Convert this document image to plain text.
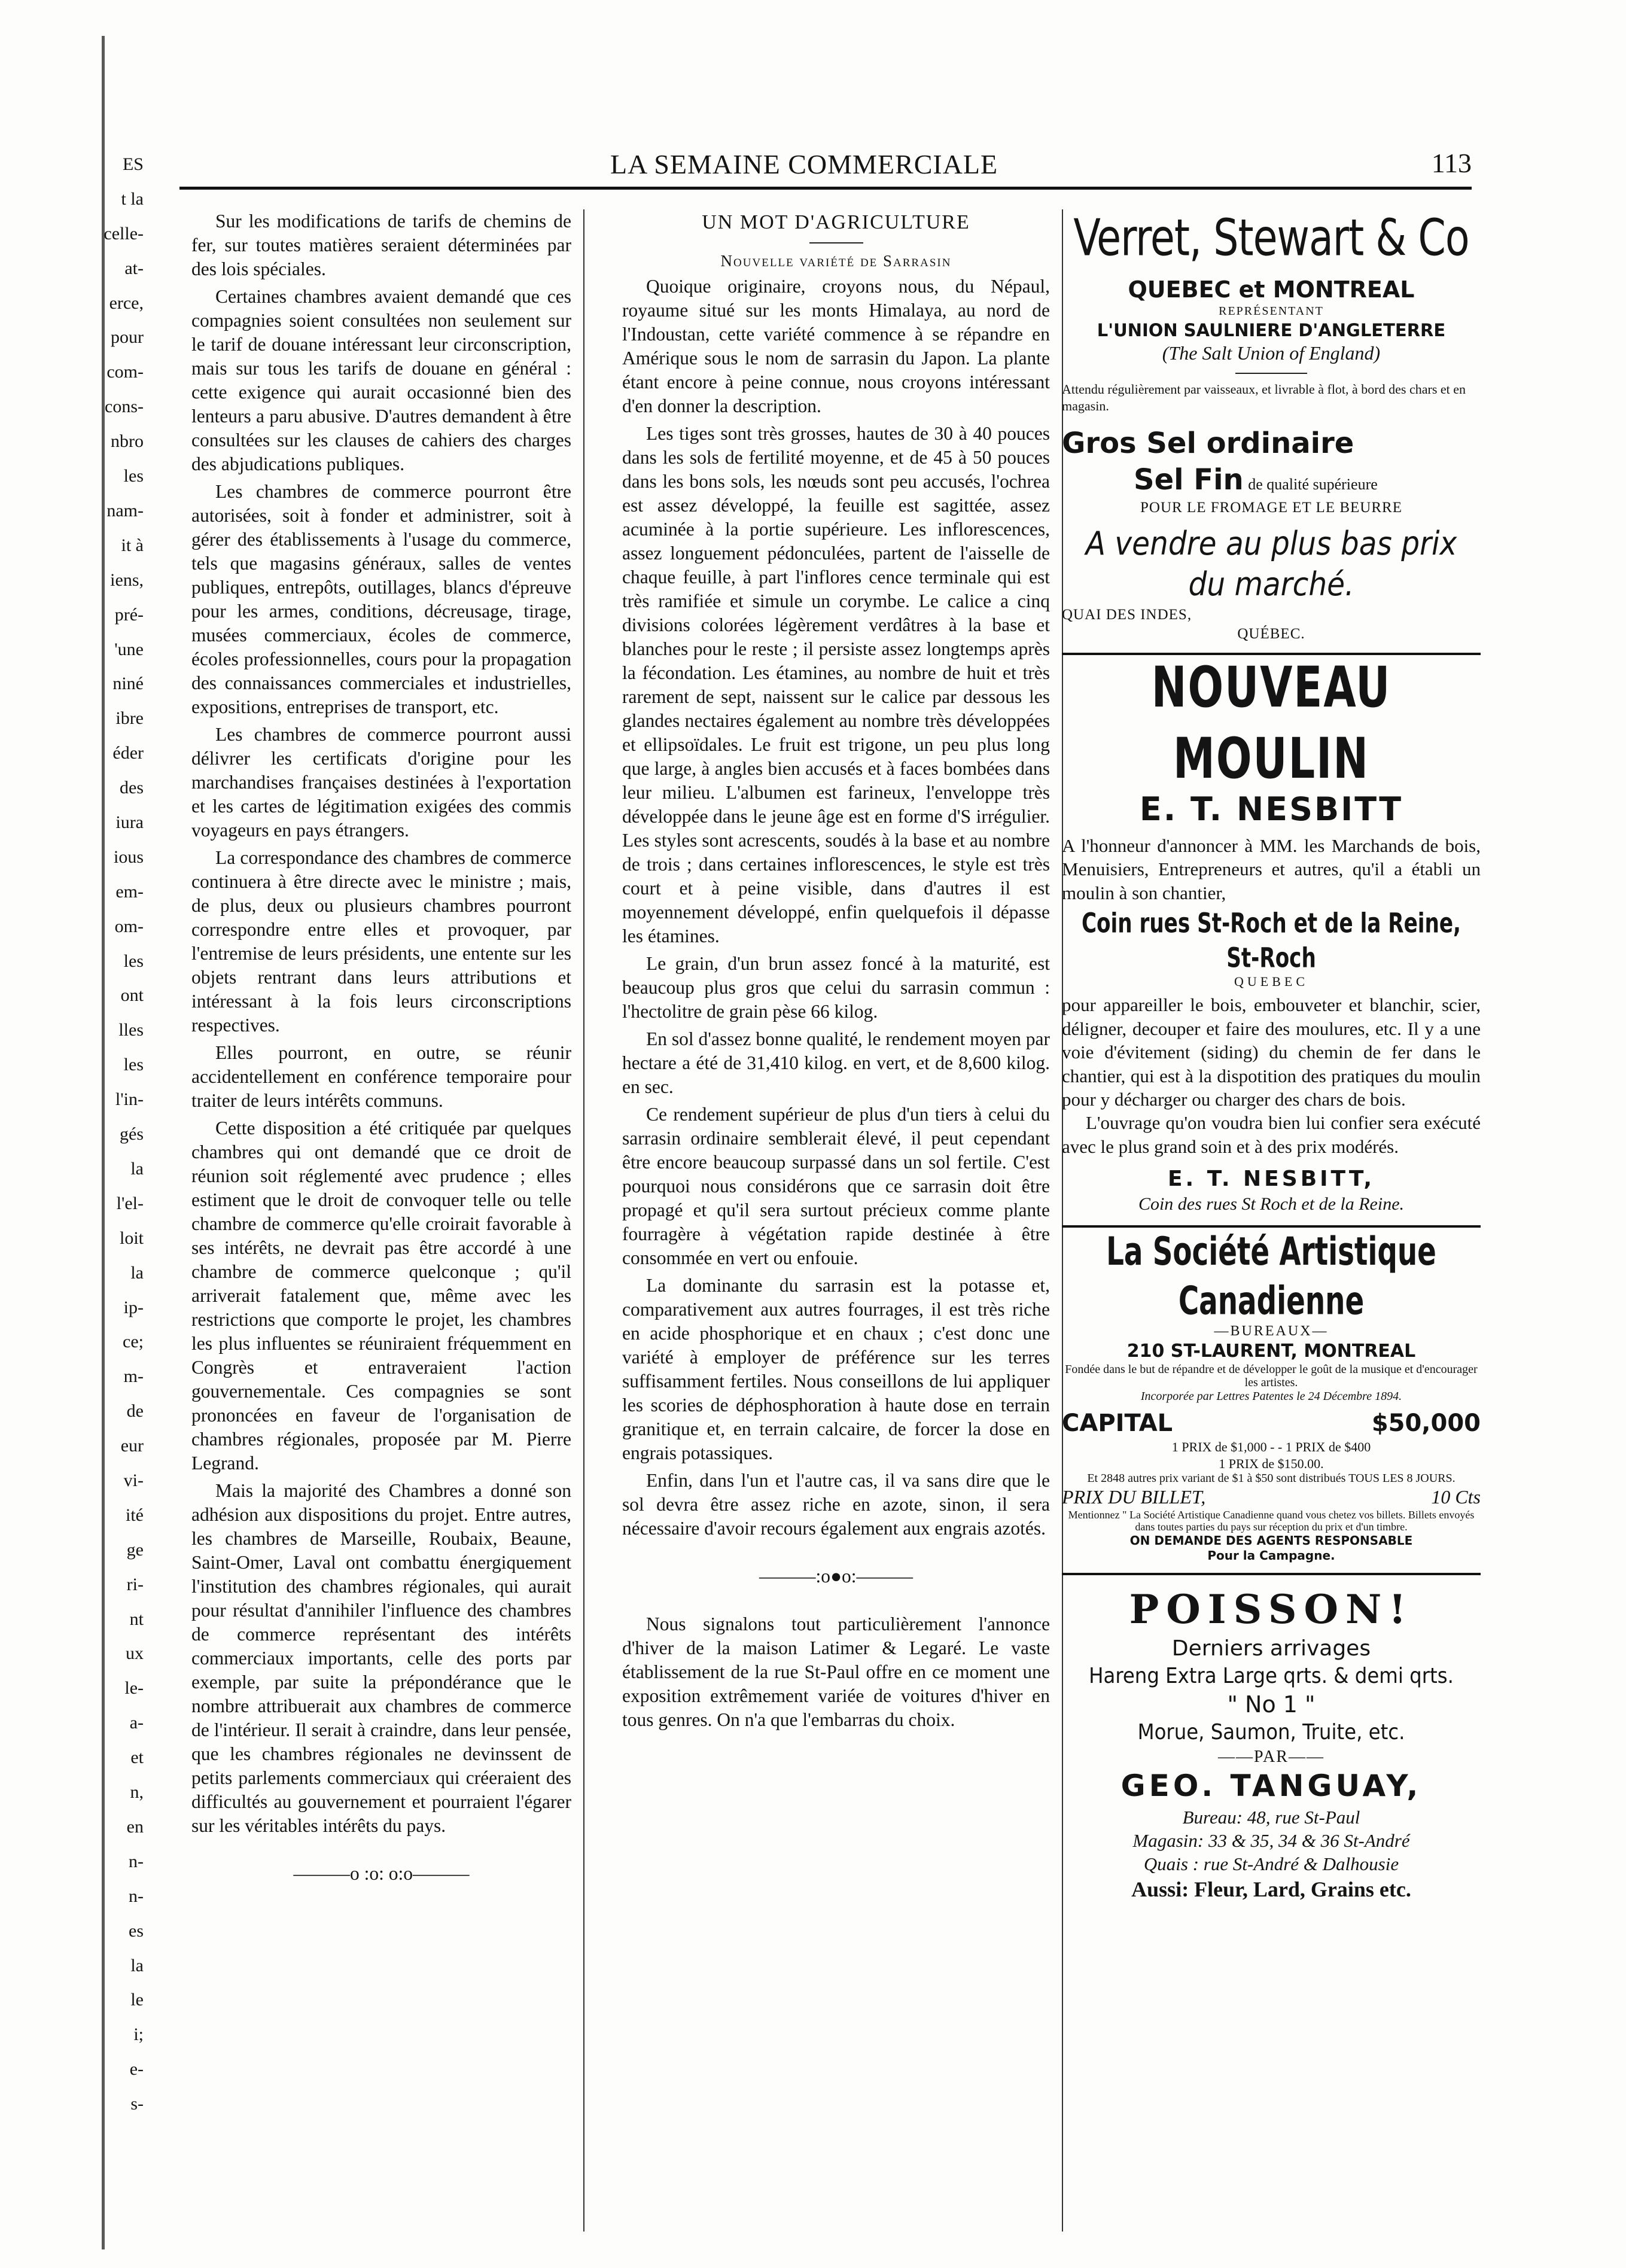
ES
t la
celle-
at-
erce,
pour
com-
cons-
nbro
les
nam-
it à
iens,
pré-
'une
niné
ibre
éder
des
iura
ious
em-
om-
les
ont
lles
les
l'in-
gés
la
l'el-
loit
la
ip-
ce;
m-
de
eur
vi-
ité
ge
ri-
nt
ux
le-
a-
et
n,
en
n-
n-
es
la
le
i;
e-
s-
LA SEMAINE COMMERCIALE	113

Sur les modifications de tarifs de chemins de fer, sur toutes matières seraient déterminées par des lois spéciales.

Certaines chambres avaient demandé que ces compagnies soient consultées non seulement sur le tarif de douane intéressant leur circonscription, mais sur tous les tarifs de douane en général : cette exigence qui aurait occasionné bien des lenteurs a paru abusive. D'autres demandent à être consultées sur les clauses de cahiers des charges des abjudications publiques.

Les chambres de commerce pourront être autorisées, soit à fonder et administrer, soit à gérer des établissements à l'usage du commerce, tels que magasins généraux, salles de ventes publiques, entrepôts, outillages, blancs d'épreuve pour les armes, conditions, décreusage, tirage, musées commerciaux, écoles de commerce, écoles professionnelles, cours pour la propagation des connaissances commerciales et industrielles, expositions, entreprises de transport, etc.

Les chambres de commerce pourront aussi délivrer les certificats d'origine pour les marchandises françaises destinées à l'exportation et les cartes de légitimation exigées des commis voyageurs en pays étrangers.

La correspondance des chambres de commerce continuera à être directe avec le ministre ; mais, de plus, deux ou plusieurs chambres pourront correspondre entre elles et provoquer, par l'entremise de leurs présidents, une entente sur les objets rentrant dans leurs attributions et intéressant à la fois leurs circonscriptions respectives.

Elles pourront, en outre, se réunir accidentellement en conférence temporaire pour traiter de leurs intérêts communs.

Cette disposition a été critiquée par quelques chambres qui ont demandé que ce droit de réunion soit réglementé avec prudence ; elles estiment que le droit de convoquer telle ou telle chambre de commerce qu'elle croirait favorable à ses intérêts, ne devrait pas être accordé à une chambre de commerce quelconque ; qu'il arriverait fatalement que, même avec les restrictions que comporte le projet, les chambres les plus influentes se réuniraient fréquemment en Congrès et entraveraient l'action gouvernementale. Ces compagnies se sont prononcées en faveur de l'organisation de chambres régionales, proposée par M. Pierre Legrand.

Mais la majorité des Chambres a donné son adhésion aux dispositions du projet. Entre autres, les chambres de Marseille, Roubaix, Beaune, Saint-Omer, Laval ont combattu énergiquement l'institution des chambres régionales, qui aurait pour résultat d'annihiler l'influence des chambres de commerce représentant des intérêts commerciaux importants, celle des ports par exemple, par suite la prépondérance que le nombre attribuerait aux chambres de commerce de l'intérieur. Il serait à craindre, dans leur pensée, que les chambres régionales ne devinssent de petits parlements commerciaux qui créeraient des difficultés au gouvernement et pourraient l'égarer sur les véritables intérêts du pays.

———o :o: o:o———

UN MOT D'AGRICULTURE

Nouvelle variété de Sarrasin

Quoique originaire, croyons nous, du Népaul, royaume situé sur les monts Himalaya, au nord de l'Indoustan, cette variété commence à se répandre en Amérique sous le nom de sarrasin du Japon. La plante étant encore à peine connue, nous croyons intéressant d'en donner la description.

Les tiges sont très grosses, hautes de 30 à 40 pouces dans les sols de fertilité moyenne, et de 45 à 50 pouces dans les bons sols, les nœuds sont peu accusés, l'ochrea est assez développé, la feuille est sagittée, assez acuminée à la portie supérieure. Les inflorescences, assez longuement pédonculées, partent de l'aisselle de chaque feuille, à part l'inflores cence terminale qui est très ramifiée et simule un corymbe. Le calice a cinq divisions colorées légèrement verdâtres à la base et blanches pour le reste ; il persiste assez longtemps après la fécondation. Les étamines, au nombre de huit et très rarement de sept, naissent sur le calice par dessous les glandes nectaires également au nombre très développées et ellipsoïdales. Le fruit est trigone, un peu plus long que large, à angles bien accusés et à faces bombées dans leur milieu. L'albumen est farineux, l'enveloppe très développée dans le jeune âge est en forme d'S irrégulier. Les styles sont acrescents, soudés à la base et au nombre de trois ; dans certaines inflorescences, le style est très court et à peine visible, dans d'autres il est moyennement développé, enfin quelquefois il dépasse les étamines.

Le grain, d'un brun assez foncé à la maturité, est beaucoup plus gros que celui du sarrasin commun : l'hectolitre de grain pèse 66 kilog.

En sol d'assez bonne qualité, le rendement moyen par hectare a été de 31,410 kilog. en vert, et de 8,600 kilog. en sec.

Ce rendement supérieur de plus d'un tiers à celui du sarrasin ordinaire semblerait élevé, il peut cependant être encore beaucoup surpassé dans un sol fertile. C'est pourquoi nous considérons que ce sarrasin doit être propagé et qu'il sera surtout précieux comme plante fourragère à végétation rapide destinée à être consommée en vert ou enfouie.

La dominante du sarrasin est la potasse et, comparativement aux autres fourrages, il est très riche en acide phosphorique et en chaux ; c'est donc une variété à employer de préférence sur les terres suffisamment fertiles. Nous conseillons de lui appliquer les scories de déphosphoration à haute dose en terrain granitique et, en terrain calcaire, de forcer la dose en engrais potassiques.

Enfin, dans l'un et l'autre cas, il va sans dire que le sol devra être assez riche en azote, sinon, il sera nécessaire d'avoir recours également aux engrais azotés.

———:o●o:———

Nous signalons tout particulièrement l'annonce d'hiver de la maison Latimer & Legaré. Le vaste établissement de la rue St-Paul offre en ce moment une exposition extrêmement variée de voitures d'hiver en tous genres. On n'a que l'embarras du choix.

Verret, Stewart & Co
QUEBEC et MONTREAL
REPRÉSENTANT
L'UNION SAULNIERE D'ANGLETERRE
(The Salt Union of England)
Attendu régulièrement par vaisseaux, et livrable à flot, à bord des chars et en magasin.
Gros Sel ordinaire
Sel Fin de qualité supérieure
POUR LE FROMAGE ET LE BEURRE
A vendre au plus bas prix
du marché.
QUAI DES INDES,
QUÉBEC.
NOUVEAU MOULIN
E. T. NESBITT
A l'honneur d'annoncer à MM. les Marchands de bois, Menuisiers, Entrepreneurs et autres, qu'il a établi un moulin à son chantier,
Coin rues St-Roch et de la Reine, St-Roch
QUEBEC
pour appareiller le bois, embouveter et blanchir, scier, déligner, decouper et faire des moulures, etc. Il y a une voie d'évitement (siding) du chemin de fer dans le chantier, qui est à la dispotition des pratiques du moulin pour y décharger ou charger des chars de bois.
L'ouvrage qu'on voudra bien lui confier sera exécuté avec le plus grand soin et à des prix modérés.
E. T. NESBITT,
Coin des rues St Roch et de la Reine.
La Société Artistique Canadienne
—BUREAUX—
210 ST-LAURENT, MONTREAL
Fondée dans le but de répandre et de développer le goût de la musique et d'encourager les artistes.
Incorporée par Lettres Patentes le 24 Décembre 1894.
CAPITAL	$50,000
1 PRIX de $1,000 - - 1 PRIX de $400
1 PRIX de $150.00.
Et 2848 autres prix variant de $1 à $50 sont distribués TOUS LES 8 JOURS.
PRIX DU BILLET,	10 Cts
Mentionnez " La Société Artistique Canadienne quand vous chetez vos billets. Billets envoyés dans toutes parties du pays sur réception du prix et d'un timbre.
ON DEMANDE DES AGENTS RESPONSABLE
Pour la Campagne.
POISSON!
Derniers arrivages
Hareng Extra Large qrts. & demi qrts.
" No 1 "
Morue, Saumon, Truite, etc.
——PAR——
GEO. TANGUAY,
Bureau: 48, rue St-Paul
Magasin: 33 & 35, 34 & 36 St-André
Quais : rue St-André & Dalhousie
Aussi: Fleur, Lard, Grains etc.
